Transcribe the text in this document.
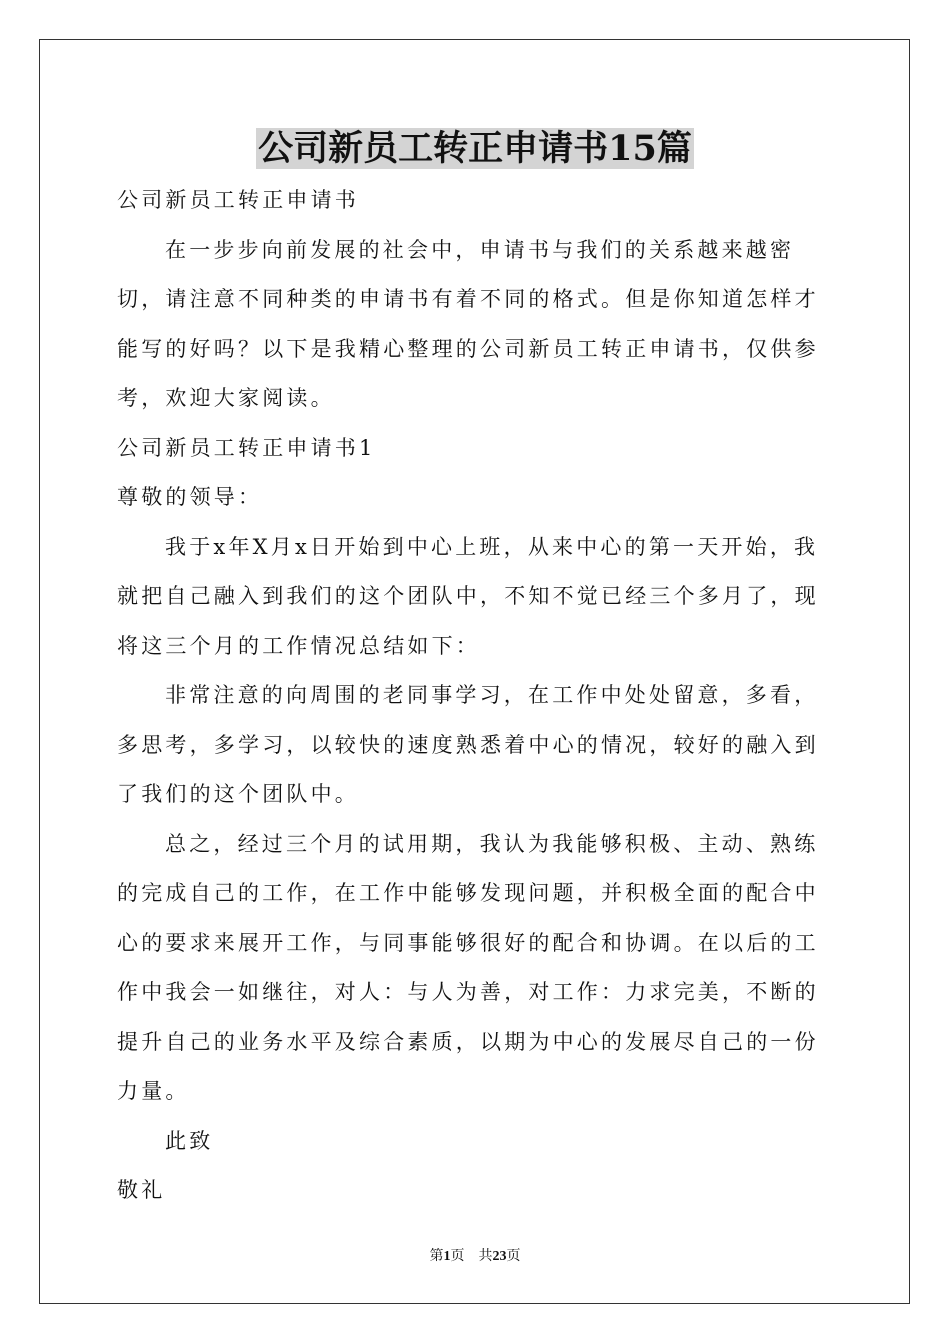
公司新员工转正申请书15篇

公司新员工转正申请书

在一步步向前发展的社会中，申请书与我们的关系越来越密切，请注意不同种类的申请书有着不同的格式。但是你知道怎样才能写的好吗？以下是我精心整理的公司新员工转正申请书，仅供参考，欢迎大家阅读。

公司新员工转正申请书1

尊敬的领导：

我于x年X月x日开始到中心上班，从来中心的第一天开始，我就把自己融入到我们的这个团队中，不知不觉已经三个多月了，现将这三个月的工作情况总结如下：

非常注意的向周围的老同事学习，在工作中处处留意，多看，多思考，多学习，以较快的速度熟悉着中心的情况，较好的融入到了我们的这个团队中。

总之，经过三个月的试用期，我认为我能够积极、主动、熟练的完成自己的工作，在工作中能够发现问题，并积极全面的配合中心的要求来展开工作，与同事能够很好的配合和协调。在以后的工作中我会一如继往，对人：与人为善，对工作：力求完美，不断的提升自己的业务水平及综合素质，以期为中心的发展尽自己的一份力量。

此致

敬礼

第1页　共23页
